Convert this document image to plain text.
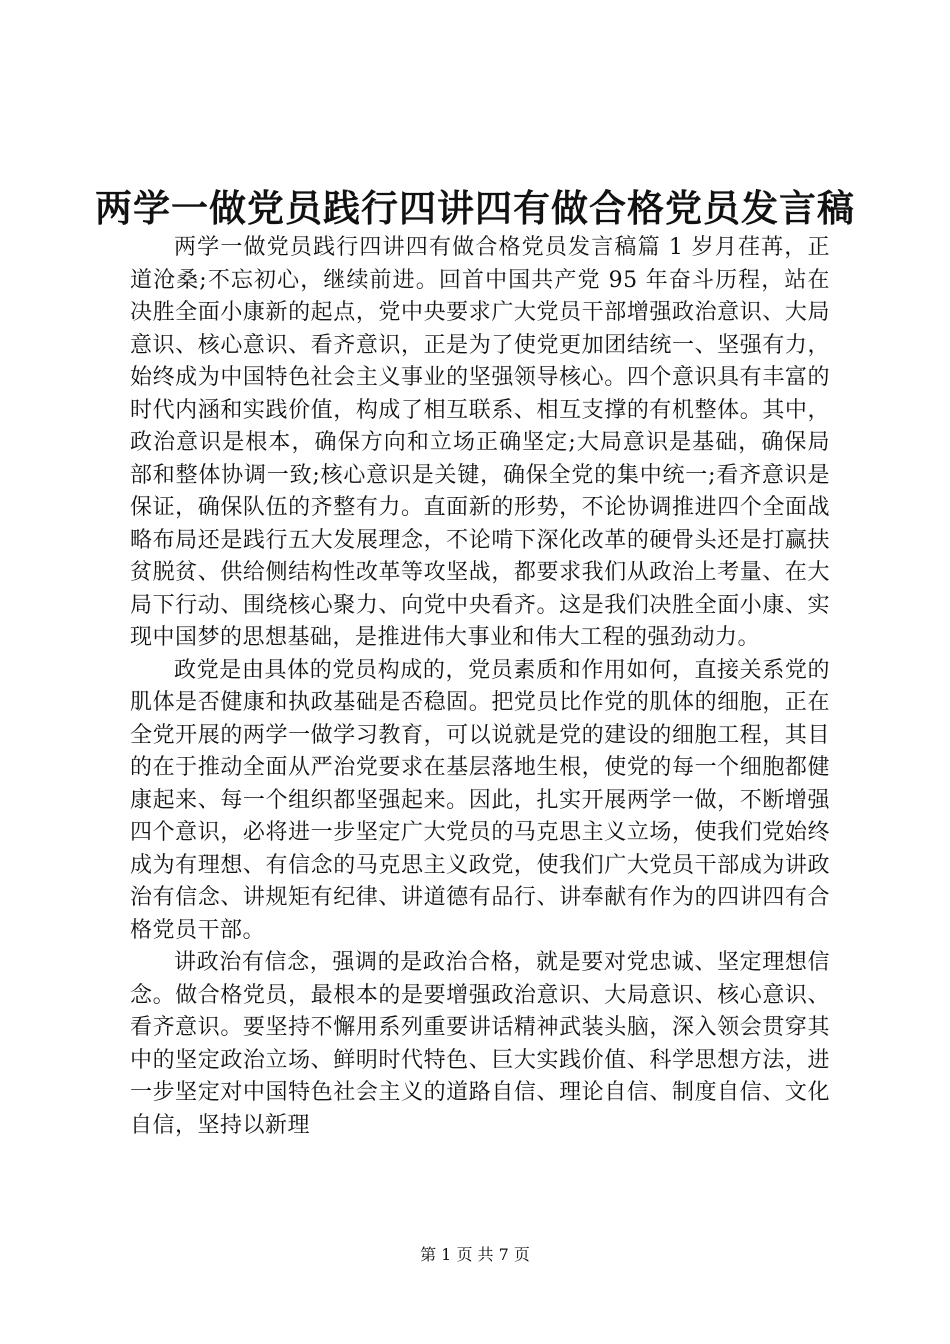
两学一做党员践行四讲四有做合格党员发言稿

两学一做党员践行四讲四有做合格党员发言稿篇 1 岁月荏苒，正道沧桑;不忘初心，继续前进。回首中国共产党 95 年奋斗历程，站在决胜全面小康新的起点，党中央要求广大党员干部增强政治意识、大局意识、核心意识、看齐意识，正是为了使党更加团结统一、坚强有力，始终成为中国特色社会主义事业的坚强领导核心。四个意识具有丰富的时代内涵和实践价值，构成了相互联系、相互支撑的有机整体。其中，政治意识是根本，确保方向和立场正确坚定;大局意识是基础，确保局部和整体协调一致;核心意识是关键，确保全党的集中统一;看齐意识是保证，确保队伍的齐整有力。直面新的形势，不论协调推进四个全面战略布局还是践行五大发展理念，不论啃下深化改革的硬骨头还是打赢扶贫脱贫、供给侧结构性改革等攻坚战，都要求我们从政治上考量、在大局下行动、围绕核心聚力、向党中央看齐。这是我们决胜全面小康、实现中国梦的思想基础，是推进伟大事业和伟大工程的强劲动力。

政党是由具体的党员构成的，党员素质和作用如何，直接关系党的肌体是否健康和执政基础是否稳固。把党员比作党的肌体的细胞，正在全党开展的两学一做学习教育，可以说就是党的建设的细胞工程，其目的在于推动全面从严治党要求在基层落地生根，使党的每一个细胞都健康起来、每一个组织都坚强起来。因此，扎实开展两学一做，不断增强四个意识，必将进一步坚定广大党员的马克思主义立场，使我们党始终成为有理想、有信念的马克思主义政党，使我们广大党员干部成为讲政治有信念、讲规矩有纪律、讲道德有品行、讲奉献有作为的四讲四有合格党员干部。

讲政治有信念，强调的是政治合格，就是要对党忠诚、坚定理想信念。做合格党员，最根本的是要增强政治意识、大局意识、核心意识、看齐意识。要坚持不懈用系列重要讲话精神武装头脑，深入领会贯穿其中的坚定政治立场、鲜明时代特色、巨大实践价值、科学思想方法，进一步坚定对中国特色社会主义的道路自信、理论自信、制度自信、文化自信，坚持以新理

第 1 页 共 7 页
